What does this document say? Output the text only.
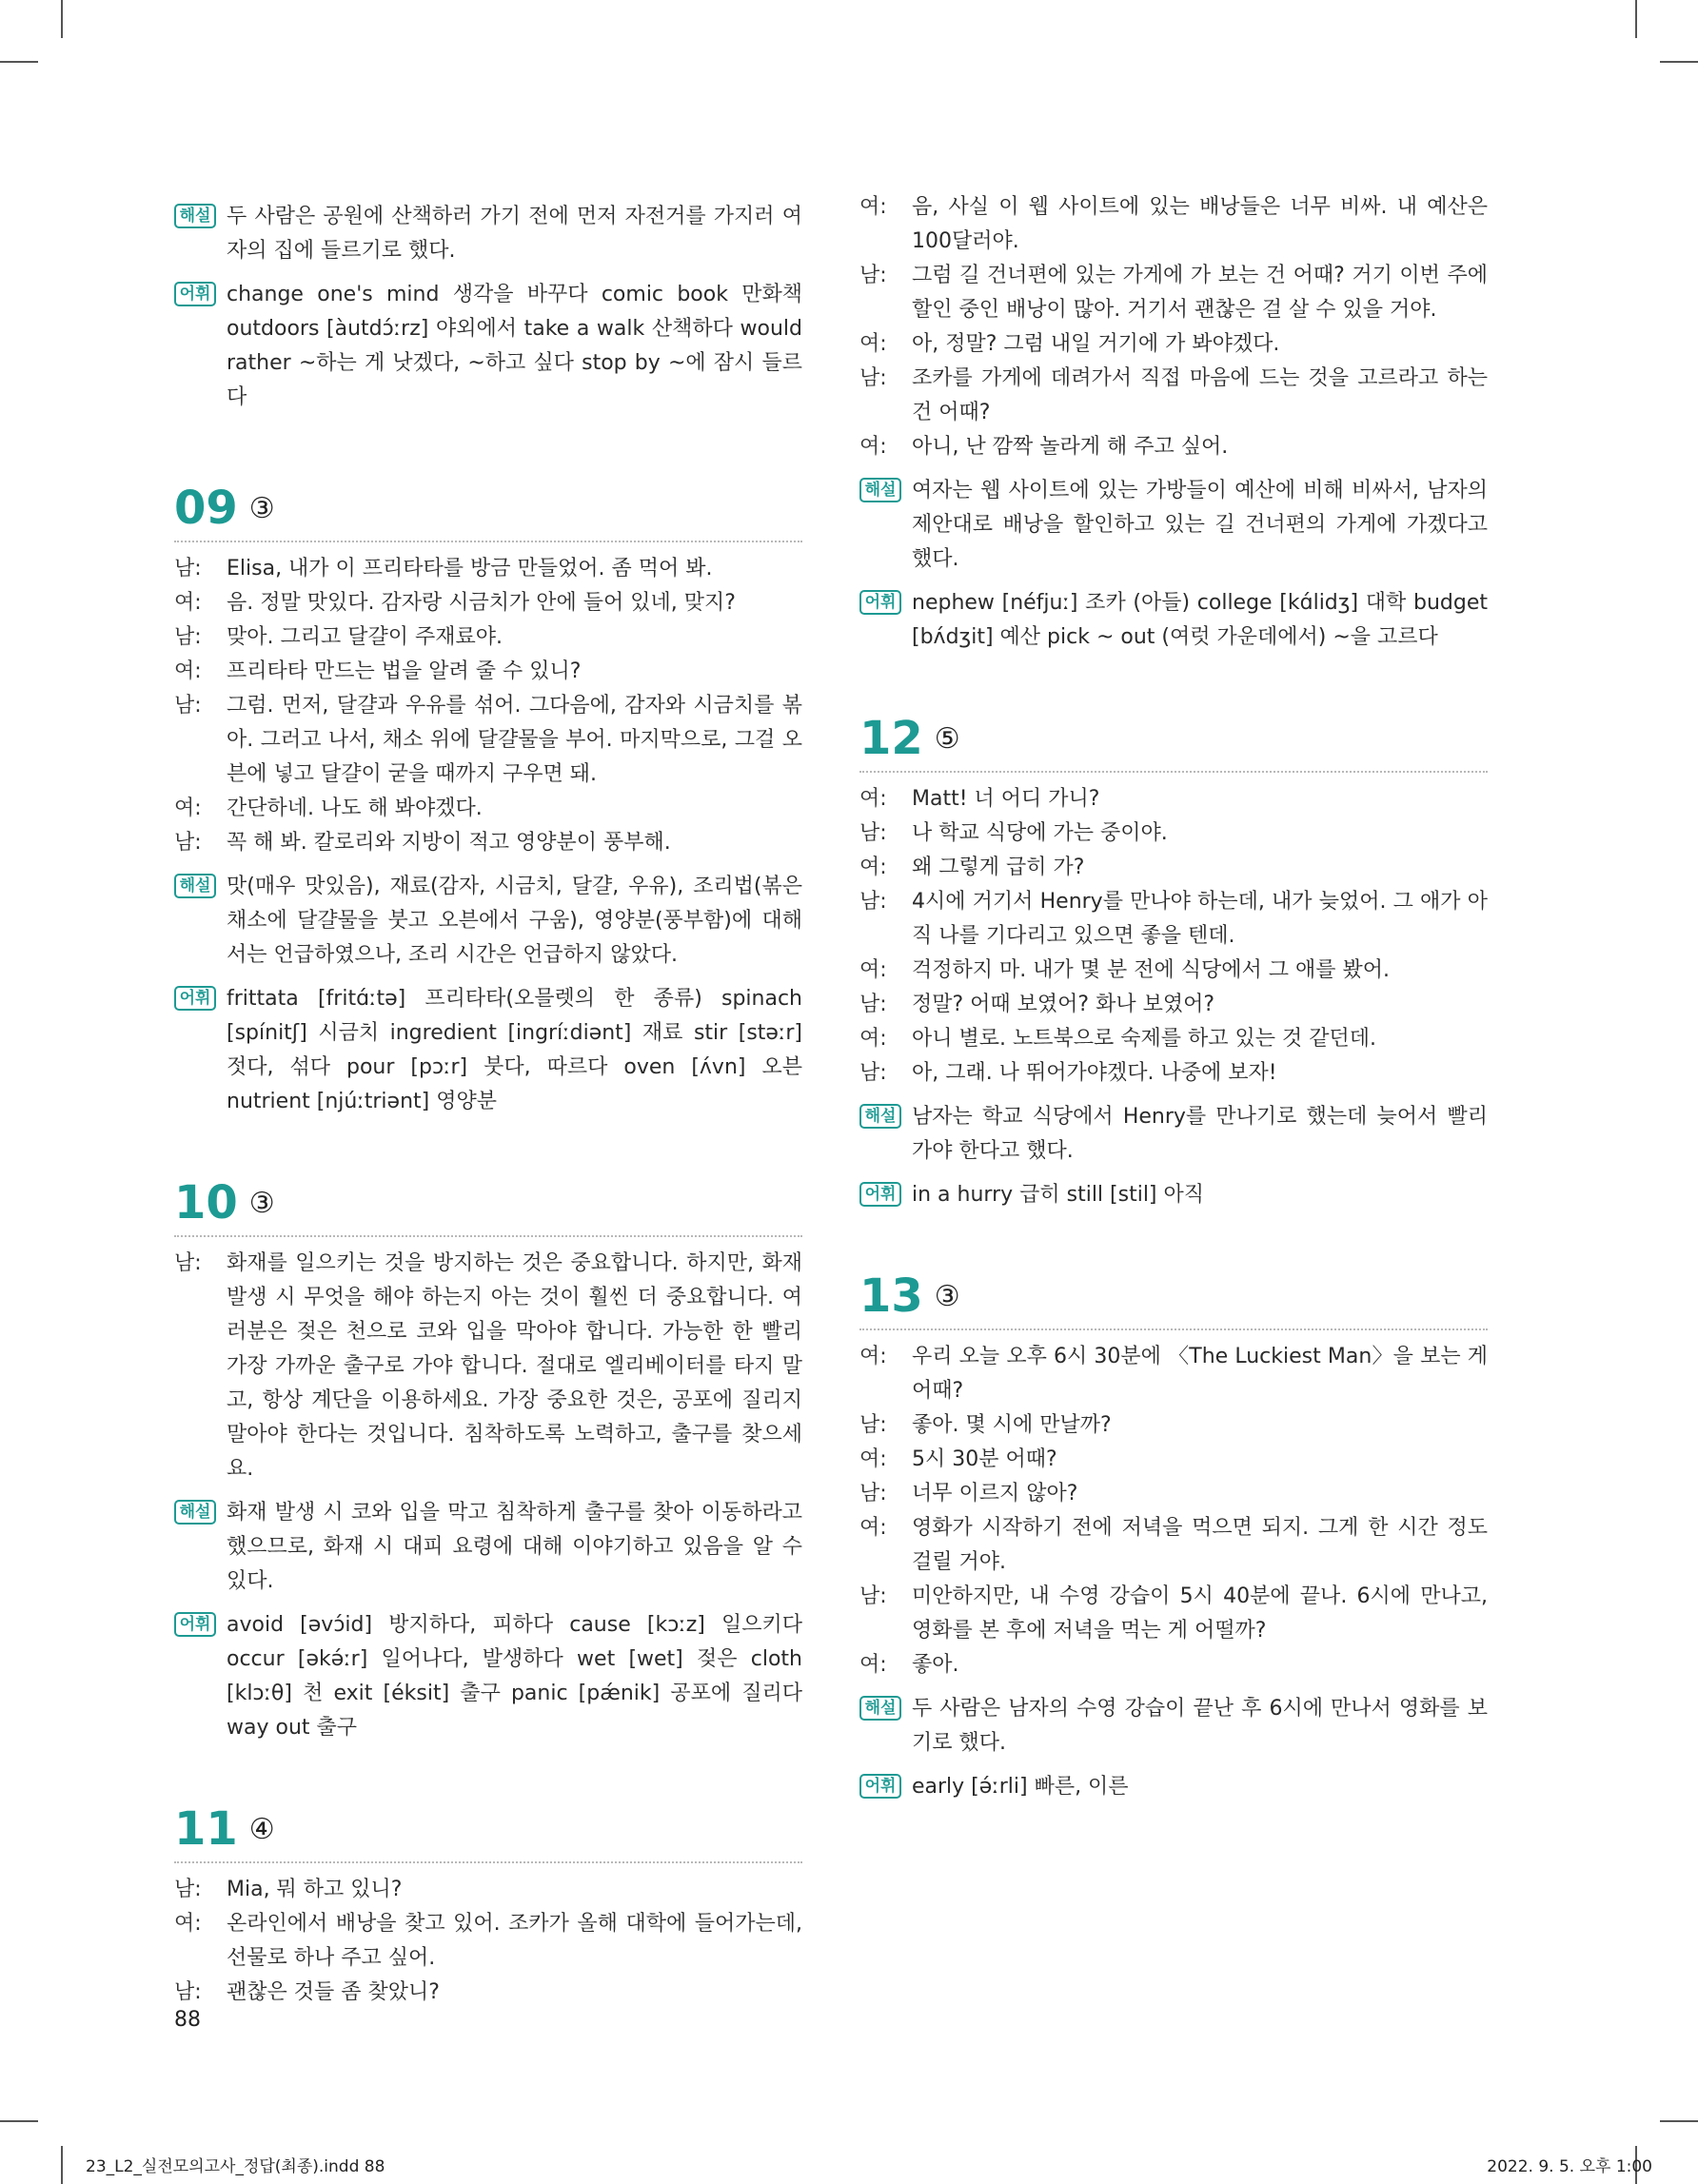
해설 두 사람은 공원에 산책하러 가기 전에 먼저 자전거를 가지러 여자의 집에 들르기로 했다.
어휘 change one's mind 생각을 바꾸다 comic book 만화책 outdoors [àutdɔ́ːrz] 야외에서 take a walk 산책하다 would rather ~하는 게 낫겠다, ~하고 싶다 stop by ~에 잠시 들르다
09 ③
남:	Elisa, 내가 이 프리타타를 방금 만들었어. 좀 먹어 봐.
여:	음. 정말 맛있다. 감자랑 시금치가 안에 들어 있네, 맞지?
남:	맞아. 그리고 달걀이 주재료야.
여:	프리타타 만드는 법을 알려 줄 수 있니?
남:	그럼. 먼저, 달걀과 우유를 섞어. 그다음에, 감자와 시금치를 볶아. 그러고 나서, 채소 위에 달걀물을 부어. 마지막으로, 그걸 오븐에 넣고 달걀이 굳을 때까지 구우면 돼.
여:	간단하네. 나도 해 봐야겠다.
남:	꼭 해 봐. 칼로리와 지방이 적고 영양분이 풍부해.
해설 맛(매우 맛있음), 재료(감자, 시금치, 달걀, 우유), 조리법(볶은 채소에 달걀물을 붓고 오븐에서 구움), 영양분(풍부함)에 대해서는 언급하였으나, 조리 시간은 언급하지 않았다.
어휘 frittata [fritɑ́ːtə] 프리타타(오믈렛의 한 종류) spinach [spínitʃ] 시금치 ingredient [ingríːdiənt] 재료 stir [stəːr] 젓다, 섞다 pour [pɔːr] 붓다, 따르다 oven [ʌ́vn] 오븐 nutrient [njúːtriənt] 영양분
10 ③
남:	화재를 일으키는 것을 방지하는 것은 중요합니다. 하지만, 화재 발생 시 무엇을 해야 하는지 아는 것이 훨씬 더 중요합니다. 여러분은 젖은 천으로 코와 입을 막아야 합니다. 가능한 한 빨리 가장 가까운 출구로 가야 합니다. 절대로 엘리베이터를 타지 말고, 항상 계단을 이용하세요. 가장 중요한 것은, 공포에 질리지 말아야 한다는 것입니다. 침착하도록 노력하고, 출구를 찾으세요.
해설 화재 발생 시 코와 입을 막고 침착하게 출구를 찾아 이동하라고 했으므로, 화재 시 대피 요령에 대해 이야기하고 있음을 알 수 있다.
어휘 avoid [əvɔ́id] 방지하다, 피하다 cause [kɔːz] 일으키다 occur [əkə́ːr] 일어나다, 발생하다 wet [wet] 젖은 cloth [klɔːθ] 천 exit [éksit] 출구 panic [pǽnik] 공포에 질리다 way out 출구
11 ④
남:	Mia, 뭐 하고 있니?
여:	온라인에서 배낭을 찾고 있어. 조카가 올해 대학에 들어가는데, 선물로 하나 주고 싶어.
남:	괜찮은 것들 좀 찾았니?
여:	음, 사실 이 웹 사이트에 있는 배낭들은 너무 비싸. 내 예산은 100달러야.
남:	그럼 길 건너편에 있는 가게에 가 보는 건 어때? 거기 이번 주에 할인 중인 배낭이 많아. 거기서 괜찮은 걸 살 수 있을 거야.
여:	아, 정말? 그럼 내일 거기에 가 봐야겠다.
남:	조카를 가게에 데려가서 직접 마음에 드는 것을 고르라고 하는 건 어때?
여:	아니, 난 깜짝 놀라게 해 주고 싶어.
해설 여자는 웹 사이트에 있는 가방들이 예산에 비해 비싸서, 남자의 제안대로 배낭을 할인하고 있는 길 건너편의 가게에 가겠다고 했다.
어휘 nephew [néfjuː] 조카 (아들) college [kɑ́lidʒ] 대학 budget [bʌ́dʒit] 예산 pick ~ out (여럿 가운데에서) ~을 고르다
12 ⑤
여:	Matt! 너 어디 가니?
남:	나 학교 식당에 가는 중이야.
여:	왜 그렇게 급히 가?
남:	4시에 거기서 Henry를 만나야 하는데, 내가 늦었어. 그 애가 아직 나를 기다리고 있으면 좋을 텐데.
여:	걱정하지 마. 내가 몇 분 전에 식당에서 그 애를 봤어.
남:	정말? 어때 보였어? 화나 보였어?
여:	아니 별로. 노트북으로 숙제를 하고 있는 것 같던데.
남:	아, 그래. 나 뛰어가야겠다. 나중에 보자!
해설 남자는 학교 식당에서 Henry를 만나기로 했는데 늦어서 빨리 가야 한다고 했다.
어휘 in a hurry 급히 still [stil] 아직
13 ③
여:	우리 오늘 오후 6시 30분에 〈The Luckiest Man〉을 보는 게 어때?
남:	좋아. 몇 시에 만날까?
여:	5시 30분 어때?
남:	너무 이르지 않아?
여:	영화가 시작하기 전에 저녁을 먹으면 되지. 그게 한 시간 정도 걸릴 거야.
남:	미안하지만, 내 수영 강습이 5시 40분에 끝나. 6시에 만나고, 영화를 본 후에 저녁을 먹는 게 어떨까?
여:	좋아.
해설 두 사람은 남자의 수영 강습이 끝난 후 6시에 만나서 영화를 보기로 했다.
어휘 early [ə́ːrli] 빠른, 이른
88
23_L2_실전모의고사_정답(최종).indd 88	2022. 9. 5. 오후 1:00
